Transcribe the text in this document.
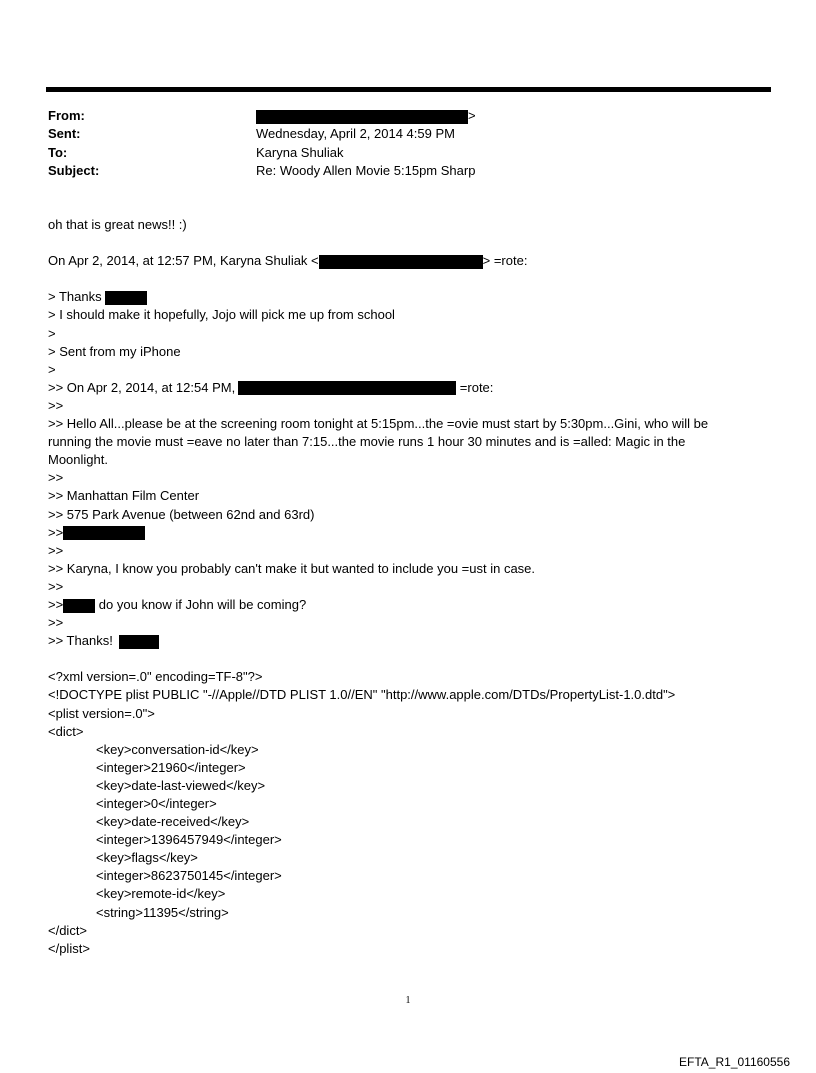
From:	>
Sent:	Wednesday, April 2, 2014 4:59 PM
To:	Karyna Shuliak
Subject:	Re: Woody Allen Movie 5:15pm Sharp
oh that is great news!! :)
On Apr 2, 2014, at 12:57 PM, Karyna Shuliak <	> =rote:
> Thanks
> I should make it hopefully, Jojo will pick me up from school
>
> Sent from my iPhone
>
>> On Apr 2, 2014, at 12:54 PM,	=rote:
>>
>> Hello All...please be at the screening room tonight at 5:15pm...the =ovie must start by 5:30pm...Gini, who will be running the movie must =eave no later than 7:15...the movie runs 1 hour 30 minutes and is =alled: Magic in the Moonlight.
>>
>> Manhattan Film Center
>> 575 Park Avenue (between 62nd and 63rd)
>>
>>
>> Karyna, I know you probably can't make it but wanted to include you =ust in case.
>>
>> do you know if John will be coming?
>>
>> Thanks!
<?xml version=.0" encoding=TF-8"?>
<!DOCTYPE plist PUBLIC "-//Apple//DTD PLIST 1.0//EN" "http://www.apple.com/DTDs/PropertyList-1.0.dtd">
<plist version=.0">
<dict>
<key>conversation-id</key>
<integer>21960</integer>
<key>date-last-viewed</key>
<integer>0</integer>
<key>date-received</key>
<integer>1396457949</integer>
<key>flags</key>
<integer>8623750145</integer>
<key>remote-id</key>
<string>11395</string>
</dict>
</plist>
1
EFTA_R1_01160556
